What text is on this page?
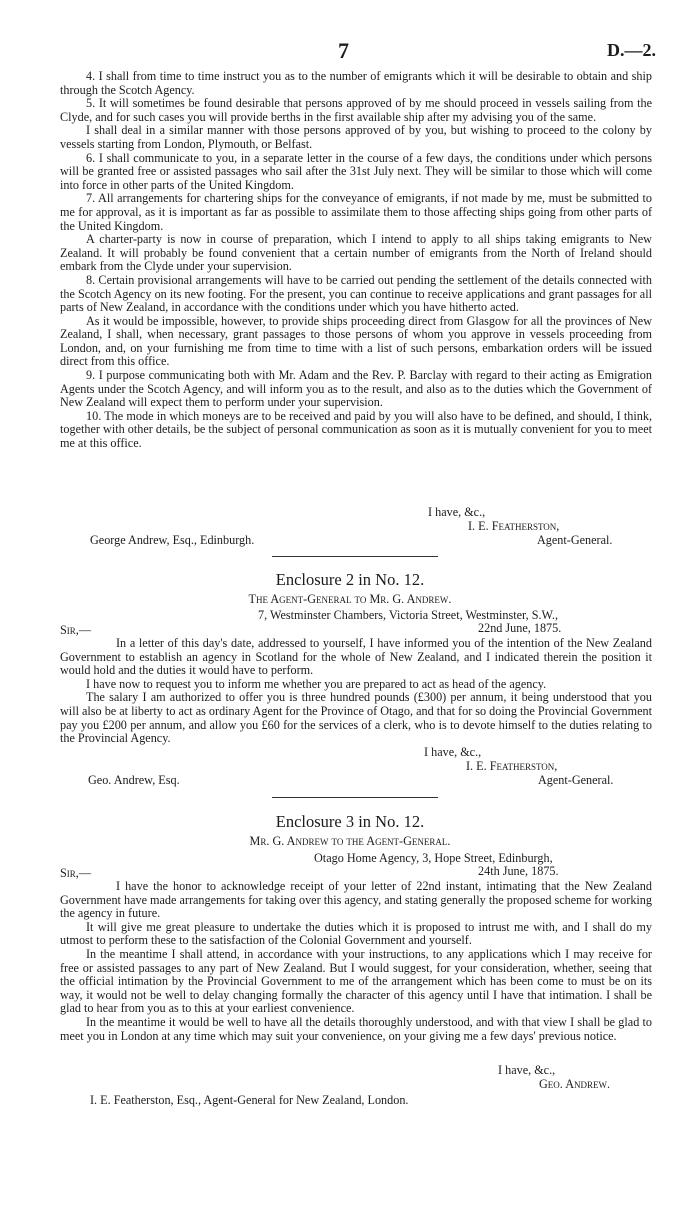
7	D.—2.

4. I shall from time to time instruct you as to the number of emigrants which it will be desirable to obtain and ship through the Scotch Agency.

5. It will sometimes be found desirable that persons approved of by me should proceed in vessels sailing from the Clyde, and for such cases you will provide berths in the first available ship after my advising you of the same.

I shall deal in a similar manner with those persons approved of by you, but wishing to proceed to the colony by vessels starting from London, Plymouth, or Belfast.

6. I shall communicate to you, in a separate letter in the course of a few days, the conditions under which persons will be granted free or assisted passages who sail after the 31st July next. They will be similar to those which will come into force in other parts of the United Kingdom.

7. All arrangements for chartering ships for the conveyance of emigrants, if not made by me, must be submitted to me for approval, as it is important as far as possible to assimilate them to those affecting ships going from other parts of the United Kingdom.

A charter-party is now in course of preparation, which I intend to apply to all ships taking emigrants to New Zealand. It will probably be found convenient that a certain number of emigrants from the North of Ireland should embark from the Clyde under your supervision.

8. Certain provisional arrangements will have to be carried out pending the settlement of the details connected with the Scotch Agency on its new footing. For the present, you can continue to receive applications and grant passages for all parts of New Zealand, in accordance with the conditions under which you have hitherto acted.

As it would be impossible, however, to provide ships proceeding direct from Glasgow for all the provinces of New Zealand, I shall, when necessary, grant passages to those persons of whom you approve in vessels proceeding from London, and, on your furnishing me from time to time with a list of such persons, embarkation orders will be issued direct from this office.

9. I purpose communicating both with Mr. Adam and the Rev. P. Barclay with regard to their acting as Emigration Agents under the Scotch Agency, and will inform you as to the result, and also as to the duties which the Government of New Zealand will expect them to perform under your supervision.

10. The mode in which moneys are to be received and paid by you will also have to be defined, and should, I think, together with other details, be the subject of personal communication as soon as it is mutually convenient for you to meet me at this office.

I have, &c.,
I. E. Featherston,
Agent-General.
George Andrew, Esq., Edinburgh.
Enclosure 2 in No. 12.
The Agent-General to Mr. G. Andrew.
7, Westminster Chambers, Victoria Street, Westminster, S.W.,
Sir,—	22nd June, 1875.

In a letter of this day's date, addressed to yourself, I have informed you of the intention of the New Zealand Government to establish an agency in Scotland for the whole of New Zealand, and I indicated therein the position it would hold and the duties it would have to perform.

I have now to request you to inform me whether you are prepared to act as head of the agency.

The salary I am authorized to offer you is three hundred pounds (£300) per annum, it being understood that you will also be at liberty to act as ordinary Agent for the Province of Otago, and that for so doing the Provincial Government pay you £200 per annum, and allow you £60 for the services of a clerk, who is to devote himself to the duties relating to the Provincial Agency.

I have, &c.,
I. E. Featherston,
Agent-General.
Geo. Andrew, Esq.
Enclosure 3 in No. 12.
Mr. G. Andrew to the Agent-General.
Otago Home Agency, 3, Hope Street, Edinburgh,
Sir,—	24th June, 1875.

I have the honor to acknowledge receipt of your letter of 22nd instant, intimating that the New Zealand Government have made arrangements for taking over this agency, and stating generally the proposed scheme for working the agency in future.

It will give me great pleasure to undertake the duties which it is proposed to intrust me with, and I shall do my utmost to perform these to the satisfaction of the Colonial Government and yourself.

In the meantime I shall attend, in accordance with your instructions, to any applications which I may receive for free or assisted passages to any part of New Zealand. But I would suggest, for your consideration, whether, seeing that the official intimation by the Provincial Government to me of the arrangement which has been come to must be on its way, it would not be well to delay changing formally the character of this agency until I have that intimation. I shall be glad to hear from you as to this at your earliest convenience.

In the meantime it would be well to have all the details thoroughly understood, and with that view I shall be glad to meet you in London at any time which may suit your convenience, on your giving me a few days' previous notice.

I have, &c.,
Geo. Andrew.
I. E. Featherston, Esq., Agent-General for New Zealand, London.
